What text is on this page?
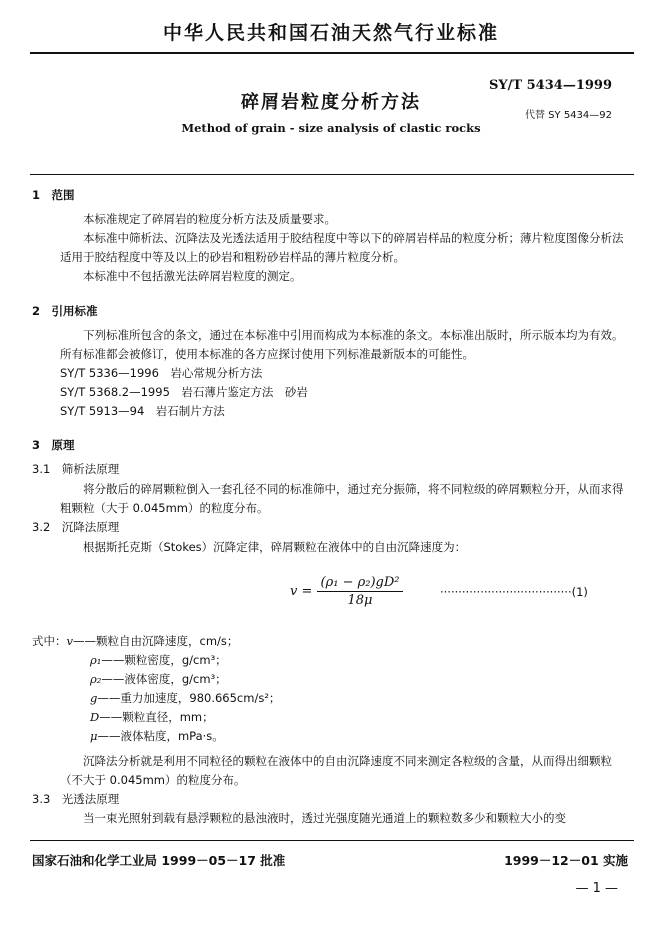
中华人民共和国石油天然气行业标准
SY/T 5434—1999
碎屑岩粒度分析方法
代替 SY 5434—92
Method of grain - size analysis of clastic rocks
1　范围

本标准规定了碎屑岩的粒度分析方法及质量要求。

本标准中筛析法、沉降法及光透法适用于胶结程度中等以下的碎屑岩样品的粒度分析；薄片粒度图像分析法适用于胶结程度中等及以上的砂岩和粗粉砂岩样品的薄片粒度分析。

本标准中不包括激光法碎屑岩粒度的测定。

2　引用标准

下列标准所包含的条文，通过在本标准中引用而构成为本标准的条文。本标准出版时，所示版本均为有效。所有标准都会被修订，使用本标准的各方应探讨使用下列标准最新版本的可能性。

SY/T 5336—1996　岩心常规分析方法

SY/T 5368.2—1995　岩石薄片鉴定方法　砂岩

SY/T 5913—94　岩石制片方法

3　原理
3.1　筛析法原理

将分散后的碎屑颗粒倒入一套孔径不同的标准筛中，通过充分振筛，将不同粒级的碎屑颗粒分开，从而求得粗颗粒（大于 0.045mm）的粒度分布。

3.2　沉降法原理

根据斯托克斯（Stokes）沉降定律，碎屑颗粒在液体中的自由沉降速度为：

$v = \frac{\text{(ρ₁ − ρ₂)gD²}}{18\mu}$	····································(1)
式中：v——颗粒自由沉降速度，cm/s；
ρ₁——颗粒密度，g/cm³；
ρ₂——液体密度，g/cm³；
g——重力加速度，980.665cm/s²；
D——颗粒直径，mm；
μ——液体粘度，mPa·s。

沉降法分析就是利用不同粒径的颗粒在液体中的自由沉降速度不同来测定各粒级的含量，从而得出细颗粒（不大于 0.045mm）的粒度分布。

3.3　光透法原理

当一束光照射到载有悬浮颗粒的悬浊液时，透过光强度随光通道上的颗粒数多少和颗粒大小的变

国家石油和化学工业局 1999－05－17 批准	1999－12－01 实施
— 1 —
